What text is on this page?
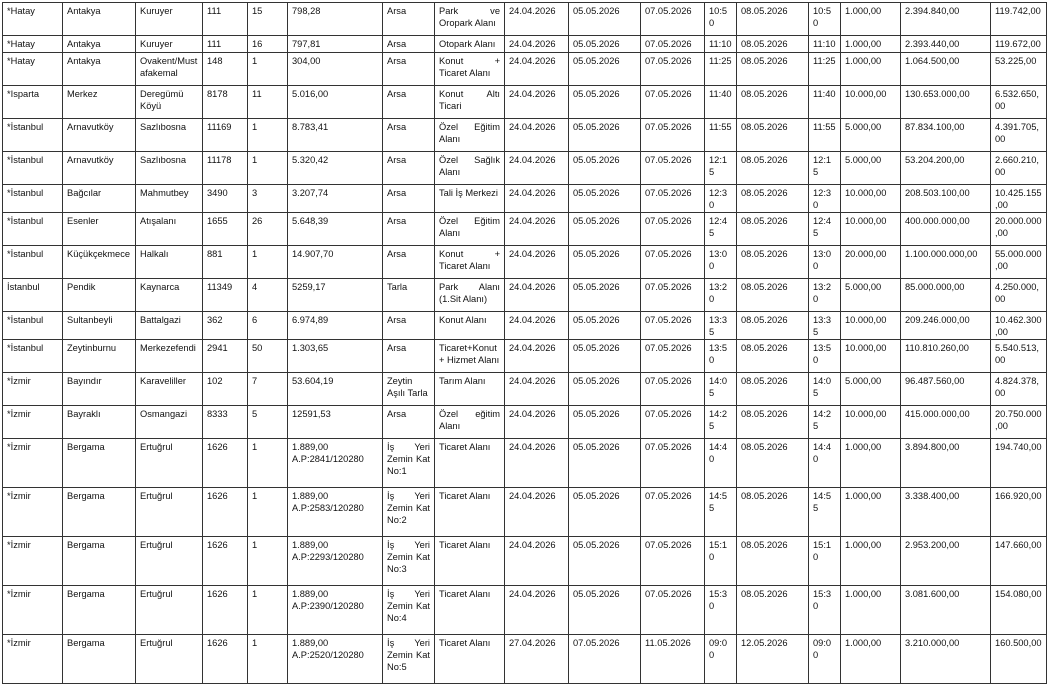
*Hatay	Antakya	Kuruyer	111	15	798,28	Arsa	Park ve Oropark Alanı	24.04.2026	05.05.2026	07.05.2026	10:50	08.05.2026	10:50	1.000,00	2.394.840,00	119.742,00
*Hatay	Antakya	Kuruyer	111	16	797,81	Arsa	Otopark Alanı	24.04.2026	05.05.2026	07.05.2026	11:10	08.05.2026	11:10	1.000,00	2.393.440,00	119.672,00
*Hatay	Antakya	Ovakent/Mustafakemal	148	1	304,00	Arsa	Konut + Ticaret Alanı	24.04.2026	05.05.2026	07.05.2026	11:25	08.05.2026	11:25	1.000,00	1.064.500,00	53.225,00
*Isparta	Merkez	Deregümü Köyü	8178	11	5.016,00	Arsa	Konut Altı Ticari	24.04.2026	05.05.2026	07.05.2026	11:40	08.05.2026	11:40	10.000,00	130.653.000,00	6.532.650,00
*İstanbul	Arnavutköy	Sazlıbosna	11169	1	8.783,41	Arsa	Özel Eğitim Alanı	24.04.2026	05.05.2026	07.05.2026	11:55	08.05.2026	11:55	5.000,00	87.834.100,00	4.391.705,00
*İstanbul	Arnavutköy	Sazlıbosna	11178	1	5.320,42	Arsa	Özel Sağlık Alanı	24.04.2026	05.05.2026	07.05.2026	12:15	08.05.2026	12:15	5.000,00	53.204.200,00	2.660.210,00
*İstanbul	Bağcılar	Mahmutbey	3490	3	3.207,74	Arsa	Tali İş Merkezi	24.04.2026	05.05.2026	07.05.2026	12:30	08.05.2026	12:30	10.000,00	208.503.100,00	10.425.155,00
*İstanbul	Esenler	Atışalanı	1655	26	5.648,39	Arsa	Özel Eğitim Alanı	24.04.2026	05.05.2026	07.05.2026	12:45	08.05.2026	12:45	10.000,00	400.000.000,00	20.000.000,00
*İstanbul	Küçükçekmece	Halkalı	881	1	14.907,70	Arsa	Konut + Ticaret Alanı	24.04.2026	05.05.2026	07.05.2026	13:00	08.05.2026	13:00	20.000,00	1.100.000.000,00	55.000.000,00
İstanbul	Pendik	Kaynarca	11349	4	5259,17	Tarla	Park Alanı (1.Sit Alanı)	24.04.2026	05.05.2026	07.05.2026	13:20	08.05.2026	13:20	5.000,00	85.000.000,00	4.250.000,00
*İstanbul	Sultanbeyli	Battalgazi	362	6	6.974,89	Arsa	Konut Alanı	24.04.2026	05.05.2026	07.05.2026	13:35	08.05.2026	13:35	10.000,00	209.246.000,00	10.462.300,00
*İstanbul	Zeytinburnu	Merkezefendi	2941	50	1.303,65	Arsa	Ticaret+Konut+ Hizmet Alanı	24.04.2026	05.05.2026	07.05.2026	13:50	08.05.2026	13:50	10.000,00	110.810.260,00	5.540.513,00
*İzmir	Bayındır	Karaveliller	102	7	53.604,19	Zeytin Aşılı Tarla	Tarım Alanı	24.04.2026	05.05.2026	07.05.2026	14:05	08.05.2026	14:05	5.000,00	96.487.560,00	4.824.378,00
*İzmir	Bayraklı	Osmangazi	8333	5	12591,53	Arsa	Özel eğitim Alanı	24.04.2026	05.05.2026	07.05.2026	14:25	08.05.2026	14:25	10.000,00	415.000.000,00	20.750.000,00
*İzmir	Bergama	Ertuğrul	1626	1	1.889,00 A.P:2841/120280	İş Yeri Zemin Kat No:1	Ticaret Alanı	24.04.2026	05.05.2026	07.05.2026	14:40	08.05.2026	14:40	1.000,00	3.894.800,00	194.740,00
*İzmir	Bergama	Ertuğrul	1626	1	1.889,00 A.P:2583/120280	İş Yeri Zemin Kat No:2	Ticaret Alanı	24.04.2026	05.05.2026	07.05.2026	14:55	08.05.2026	14:55	1.000,00	3.338.400,00	166.920,00
*İzmir	Bergama	Ertuğrul	1626	1	1.889,00 A.P:2293/120280	İş Yeri Zemin Kat No:3	Ticaret Alanı	24.04.2026	05.05.2026	07.05.2026	15:10	08.05.2026	15:10	1.000,00	2.953.200,00	147.660,00
*İzmir	Bergama	Ertuğrul	1626	1	1.889,00 A.P:2390/120280	İş Yeri Zemin Kat No:4	Ticaret Alanı	24.04.2026	05.05.2026	07.05.2026	15:30	08.05.2026	15:30	1.000,00	3.081.600,00	154.080,00
*İzmir	Bergama	Ertuğrul	1626	1	1.889,00 A.P:2520/120280	İş Yeri Zemin Kat No:5	Ticaret Alanı	27.04.2026	07.05.2026	11.05.2026	09:00	12.05.2026	09:00	1.000,00	3.210.000,00	160.500,00
